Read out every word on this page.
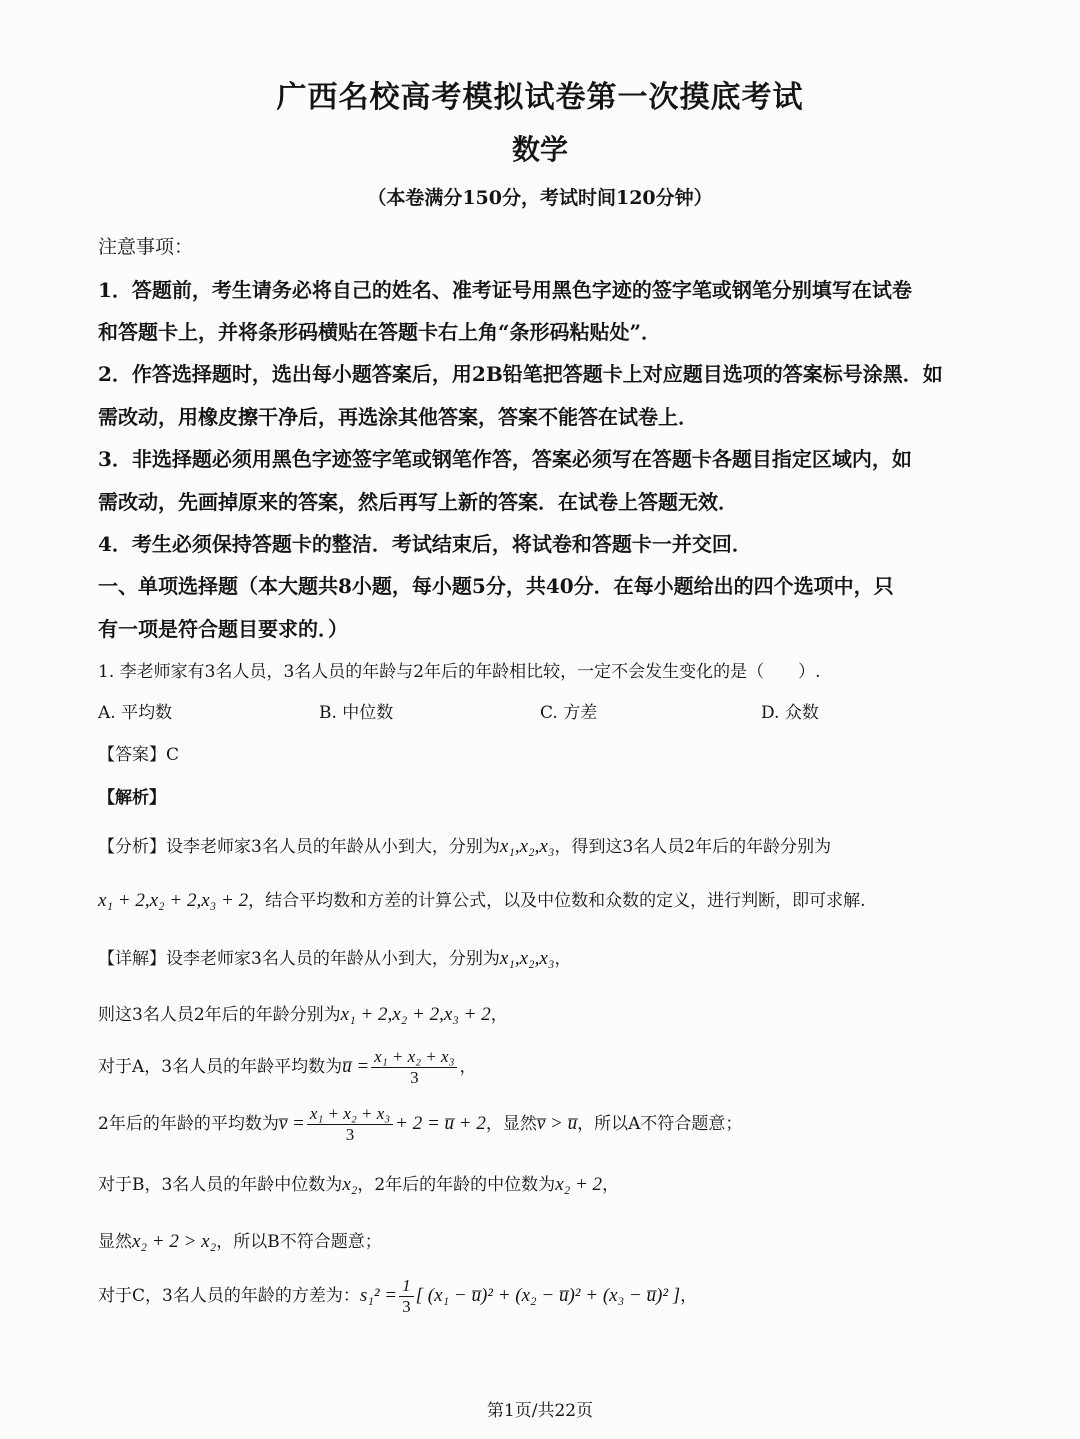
广西名校高考模拟试卷第一次摸底考试
数学
（本卷满分150分，考试时间120分钟）
注意事项：
1．答题前，考生请务必将自己的姓名、准考证号用黑色字迹的签字笔或钢笔分别填写在试卷
和答题卡上，并将条形码横贴在答题卡右上角“条形码粘贴处”．
2．作答选择题时，选出每小题答案后，用2B铅笔把答题卡上对应题目选项的答案标号涂黑．如
需改动，用橡皮擦干净后，再选涂其他答案，答案不能答在试卷上．
3．非选择题必须用黑色字迹签字笔或钢笔作答，答案必须写在答题卡各题目指定区域内，如
需改动，先画掉原来的答案，然后再写上新的答案．在试卷上答题无效．
4．考生必须保持答题卡的整洁．考试结束后，将试卷和答题卡一并交回．
一、单项选择题（本大题共8小题，每小题5分，共40分．在每小题给出的四个选项中，只
有一项是符合题目要求的．）
1. 李老师家有3名人员，3名人员的年龄与2年后的年龄相比较，一定不会发生变化的是（　　）.
A. 平均数	B. 中位数	C. 方差	D. 众数
【答案】C
【解析】
【分析】设李老师家3名人员的年龄从小到大，分别为x₁,x₂,x₃，得到这3名人员2年后的年龄分别为
x₁ + 2,x₂ + 2,x₃ + 2，结合平均数和方差的计算公式，以及中位数和众数的定义，进行判断，即可求解.
【详解】设李老师家3名人员的年龄从小到大，分别为x₁,x₂,x₃，
则这3名人员2年后的年龄分别为x₁ + 2,x₂ + 2,x₃ + 2，
对于A，3名人员的年龄平均数为u̅ = $\frac{\text{x₁ + x₂ + x₃}}{3}$ ，
2年后的年龄的平均数为v̅ = $\frac{\text{x₁ + x₂ + x₃}}{3} + 2$ = u̅ + 2，显然v̅ > u̅，所以A不符合题意；
对于B，3名人员的年龄中位数为x₂，2年后的年龄的中位数为x₂ + 2，
显然x₂ + 2 > x₂，所以B不符合题意；
对于C，3名人员的年龄的方差为：$s_1^2 = \frac{1}{3}$ [ (x₁ − u̅)² + (x₂ − u̅)² + (x₃ − u̅)² ]，
第1页/共22页
